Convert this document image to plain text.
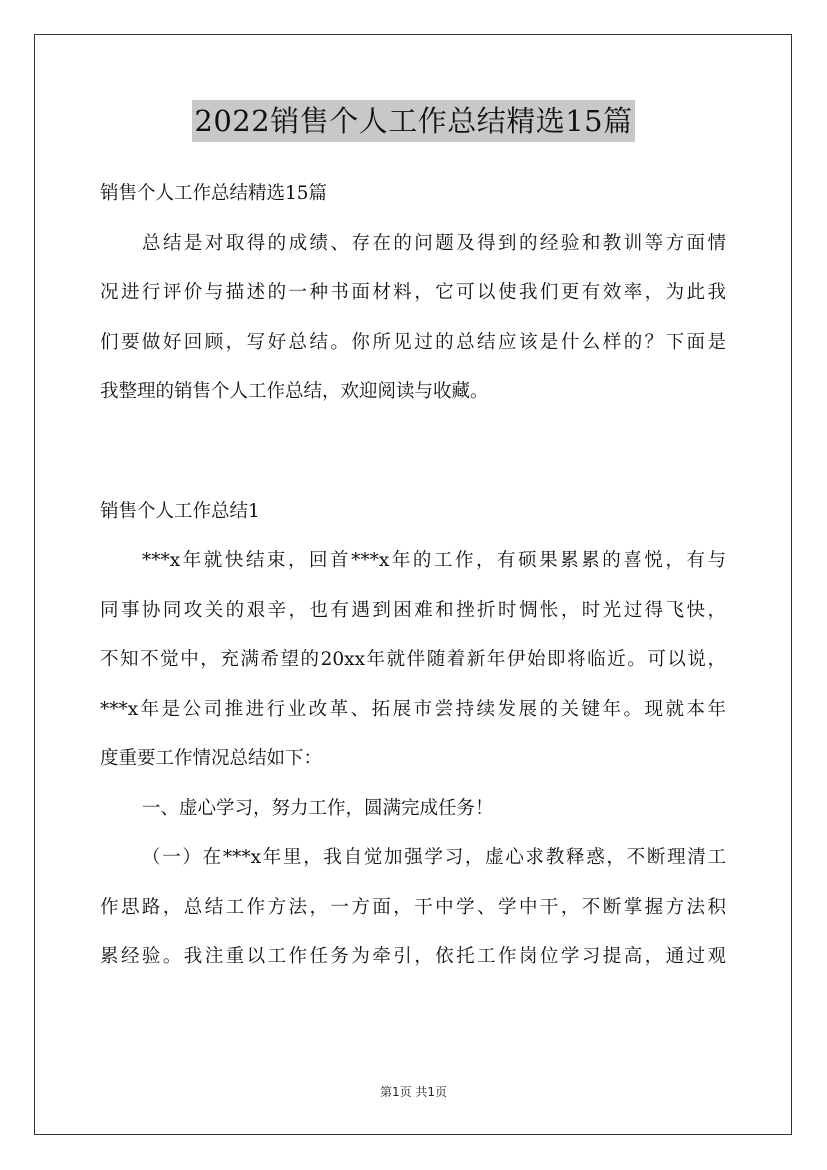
2022销售个人工作总结精选15篇
销售个人工作总结精选15篇
总结是对取得的成绩、存在的问题及得到的经验和教训等方面情
况进行评价与描述的一种书面材料，它可以使我们更有效率，为此我
们要做好回顾，写好总结。你所见过的总结应该是什么样的？下面是
我整理的销售个人工作总结，欢迎阅读与收藏。
销售个人工作总结1
***x年就快结束，回首***x年的工作，有硕果累累的喜悦，有与
同事协同攻关的艰辛，也有遇到困难和挫折时惆怅，时光过得飞快，
不知不觉中，充满希望的20xx年就伴随着新年伊始即将临近。可以说，
***x年是公司推进行业改革、拓展市尝持续发展的关键年。现就本年
度重要工作情况总结如下：
一、虚心学习，努力工作，圆满完成任务！
（一）在***x年里，我自觉加强学习，虚心求教释惑，不断理清工
作思路，总结工作方法，一方面，干中学、学中干，不断掌握方法积
累经验。我注重以工作任务为牵引，依托工作岗位学习提高，通过观
第1页 共1页
